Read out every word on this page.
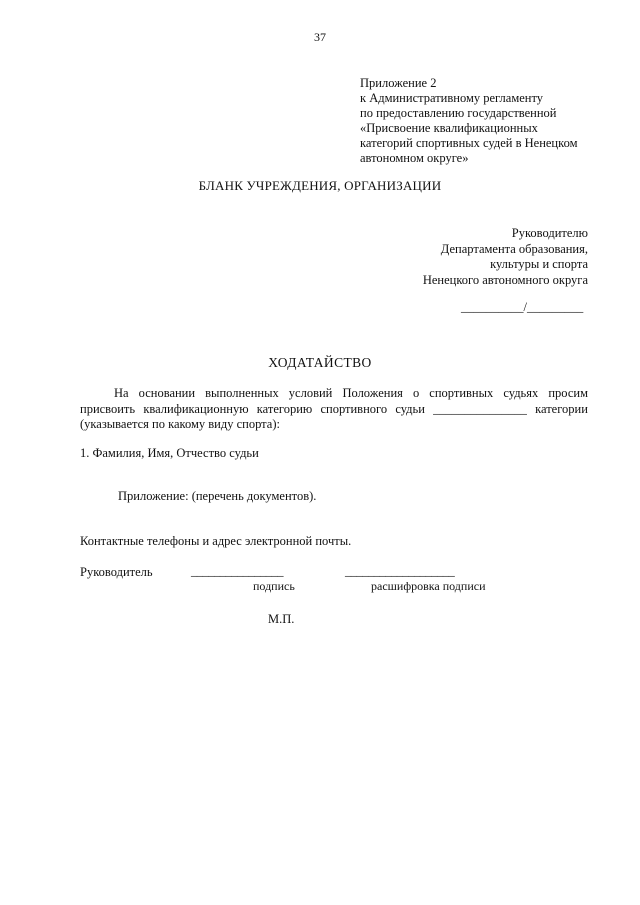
37
Приложение 2
к Административному регламенту
по предоставлению государственной
«Присвоение квалификационных
категорий спортивных судей в Ненецком
автономном округе»
БЛАНК УЧРЕЖДЕНИЯ, ОРГАНИЗАЦИИ
Руководителю
Департамента образования,
культуры и спорта
Ненецкого автономного округа
__________/_________
ХОДАТАЙСТВО
На основании выполненных условий Положения о спортивных судьях просим
присвоить квалификационную категорию спортивного судьи _______________ категории
(указывается по какому виду спорта):
1. Фамилия, Имя, Отчество судьи
Приложение: (перечень документов).
Контактные телефоны и адрес электронной почты.
Руководитель	________________	___________________
подпись	расшифровка подписи
М.П.
